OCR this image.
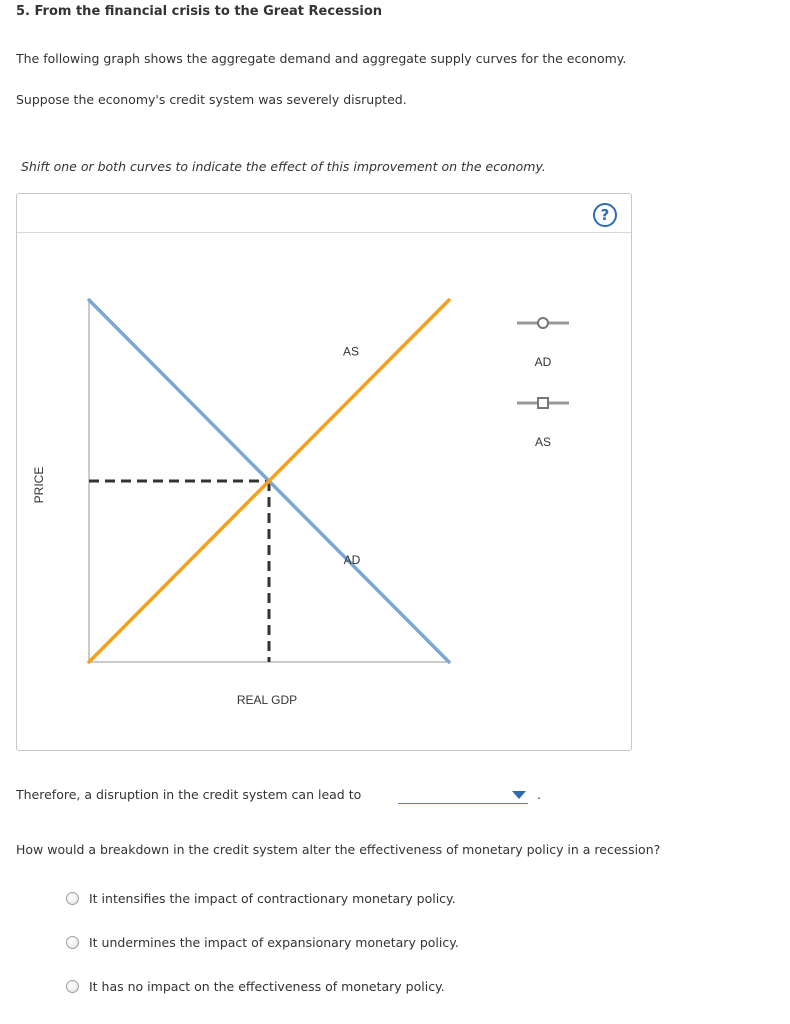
5. From the financial crisis to the Great Recession
The following graph shows the aggregate demand and aggregate supply curves for the economy.
Suppose the economy's credit system was severely disrupted.
Shift one or both curves to indicate the effect of this improvement on the economy.
?
REAL GDP
PRICE
AS
AD
AD
AS
Therefore, a disruption in the credit system can lead to	.
How would a breakdown in the credit system alter the effectiveness of monetary policy in a recession?
It intensifies the impact of contractionary monetary policy.
It undermines the impact of expansionary monetary policy.
It has no impact on the effectiveness of monetary policy.
